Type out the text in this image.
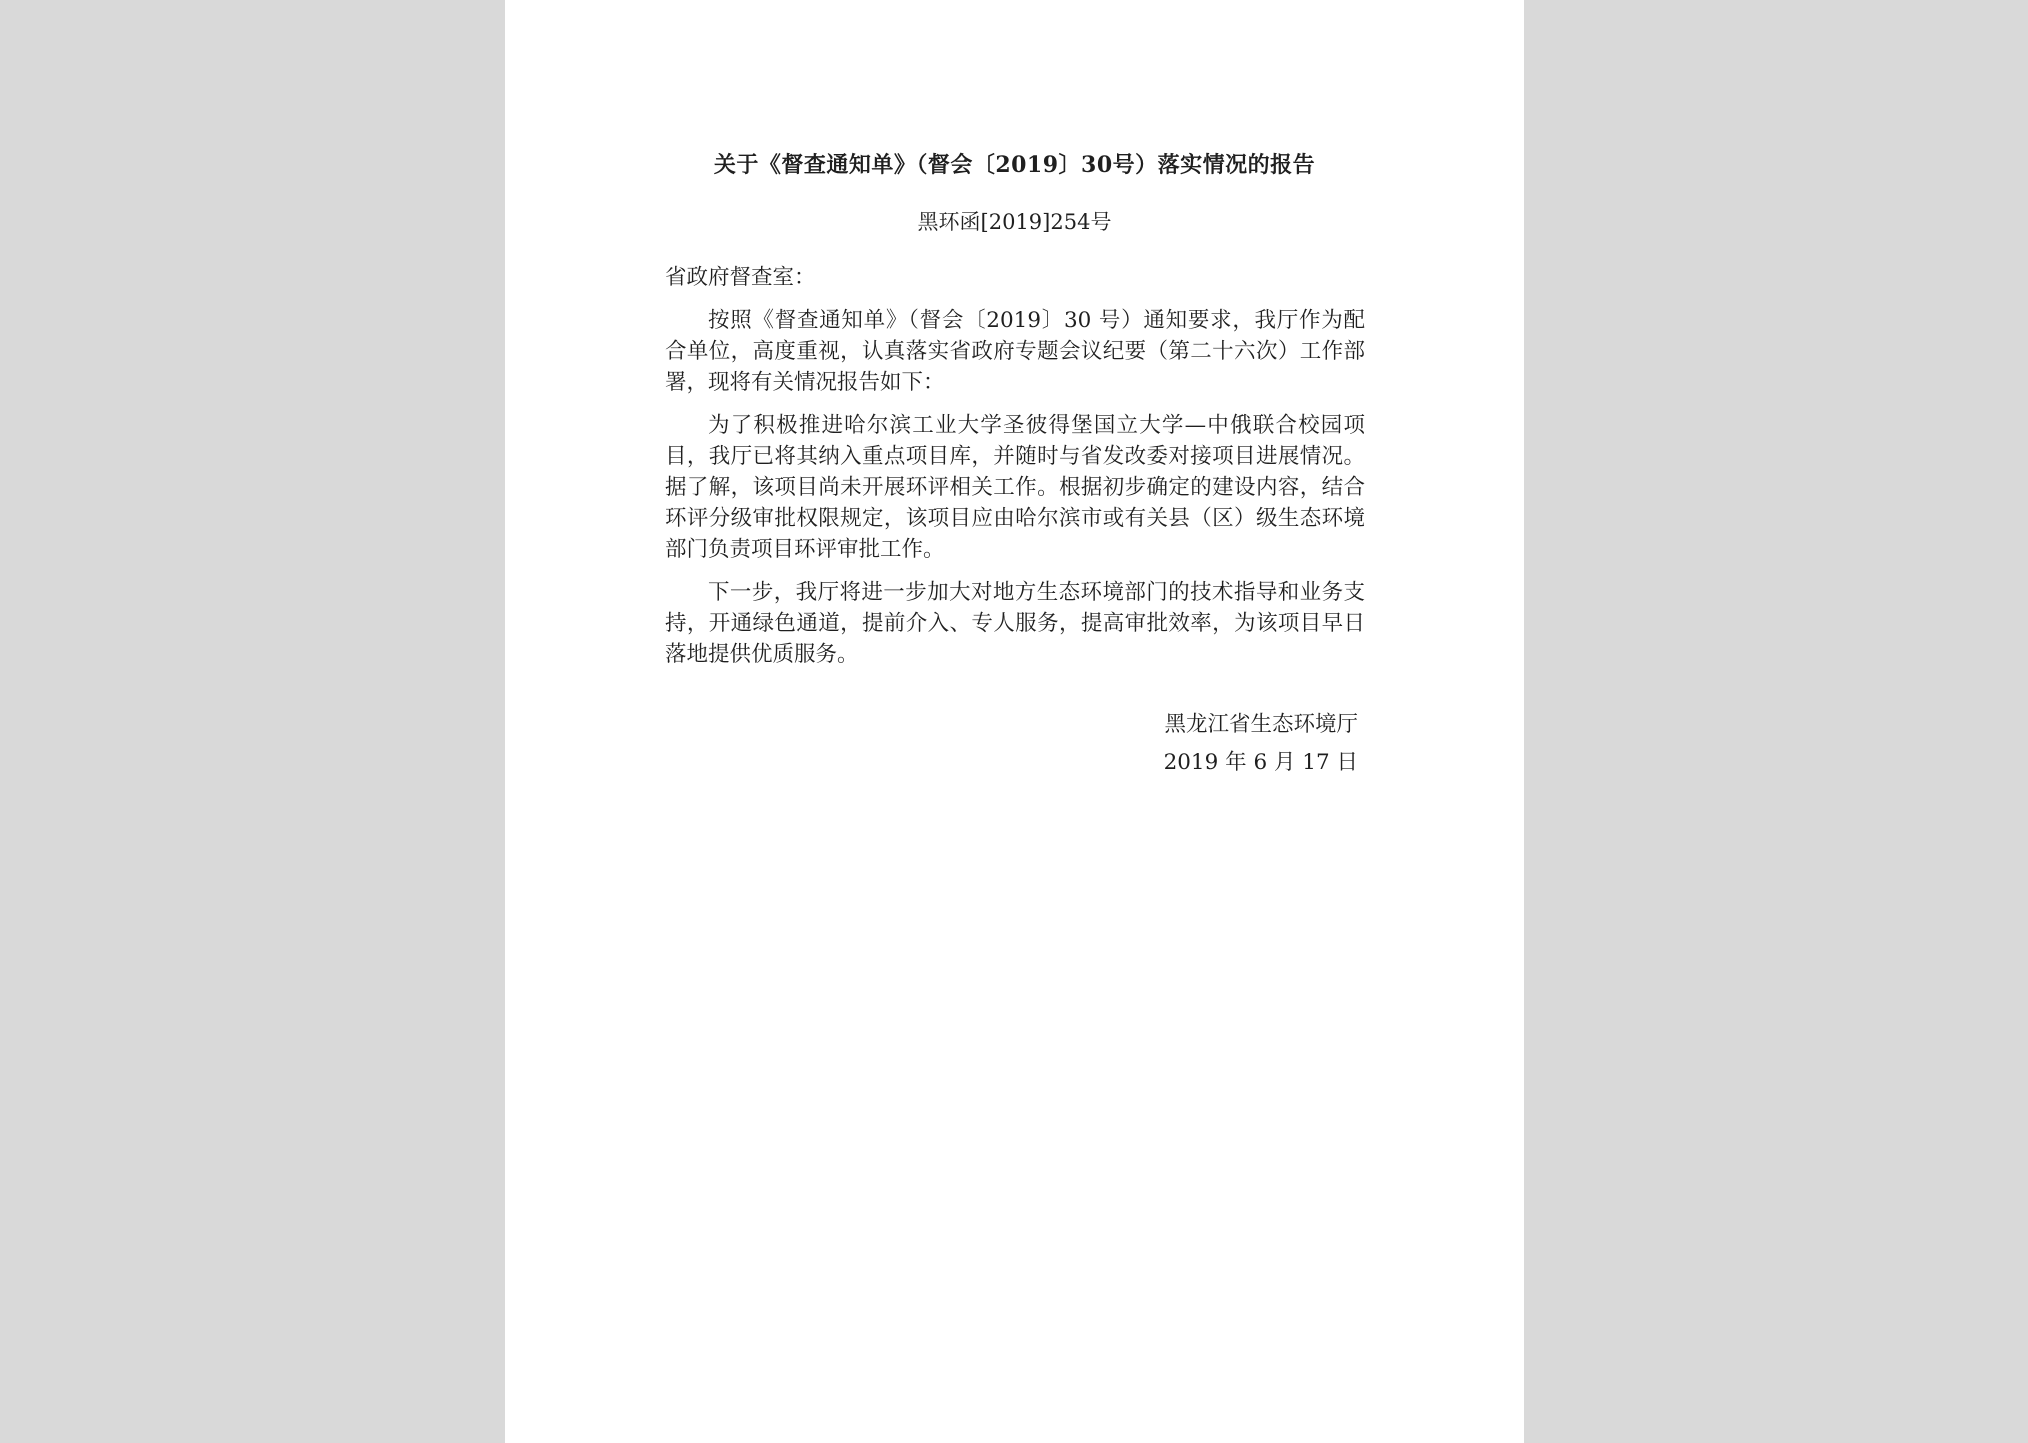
关于《督查通知单》（督会〔2019〕30号）落实情况的报告
黑环函[2019]254号

省政府督查室：

按照《督查通知单》（督会〔2019〕30 号）通知要求，我厅作为配合单位，高度重视，认真落实省政府专题会议纪要（第二十六次）工作部署，现将有关情况报告如下：

为了积极推进哈尔滨工业大学圣彼得堡国立大学—中俄联合校园项目，我厅已将其纳入重点项目库，并随时与省发改委对接项目进展情况。据了解，该项目尚未开展环评相关工作。根据初步确定的建设内容，结合环评分级审批权限规定，该项目应由哈尔滨市或有关县（区）级生态环境部门负责项目环评审批工作。

下一步，我厅将进一步加大对地方生态环境部门的技术指导和业务支持，开通绿色通道，提前介入、专人服务，提高审批效率，为该项目早日落地提供优质服务。

黑龙江省生态环境厅
2019 年 6 月 17 日
